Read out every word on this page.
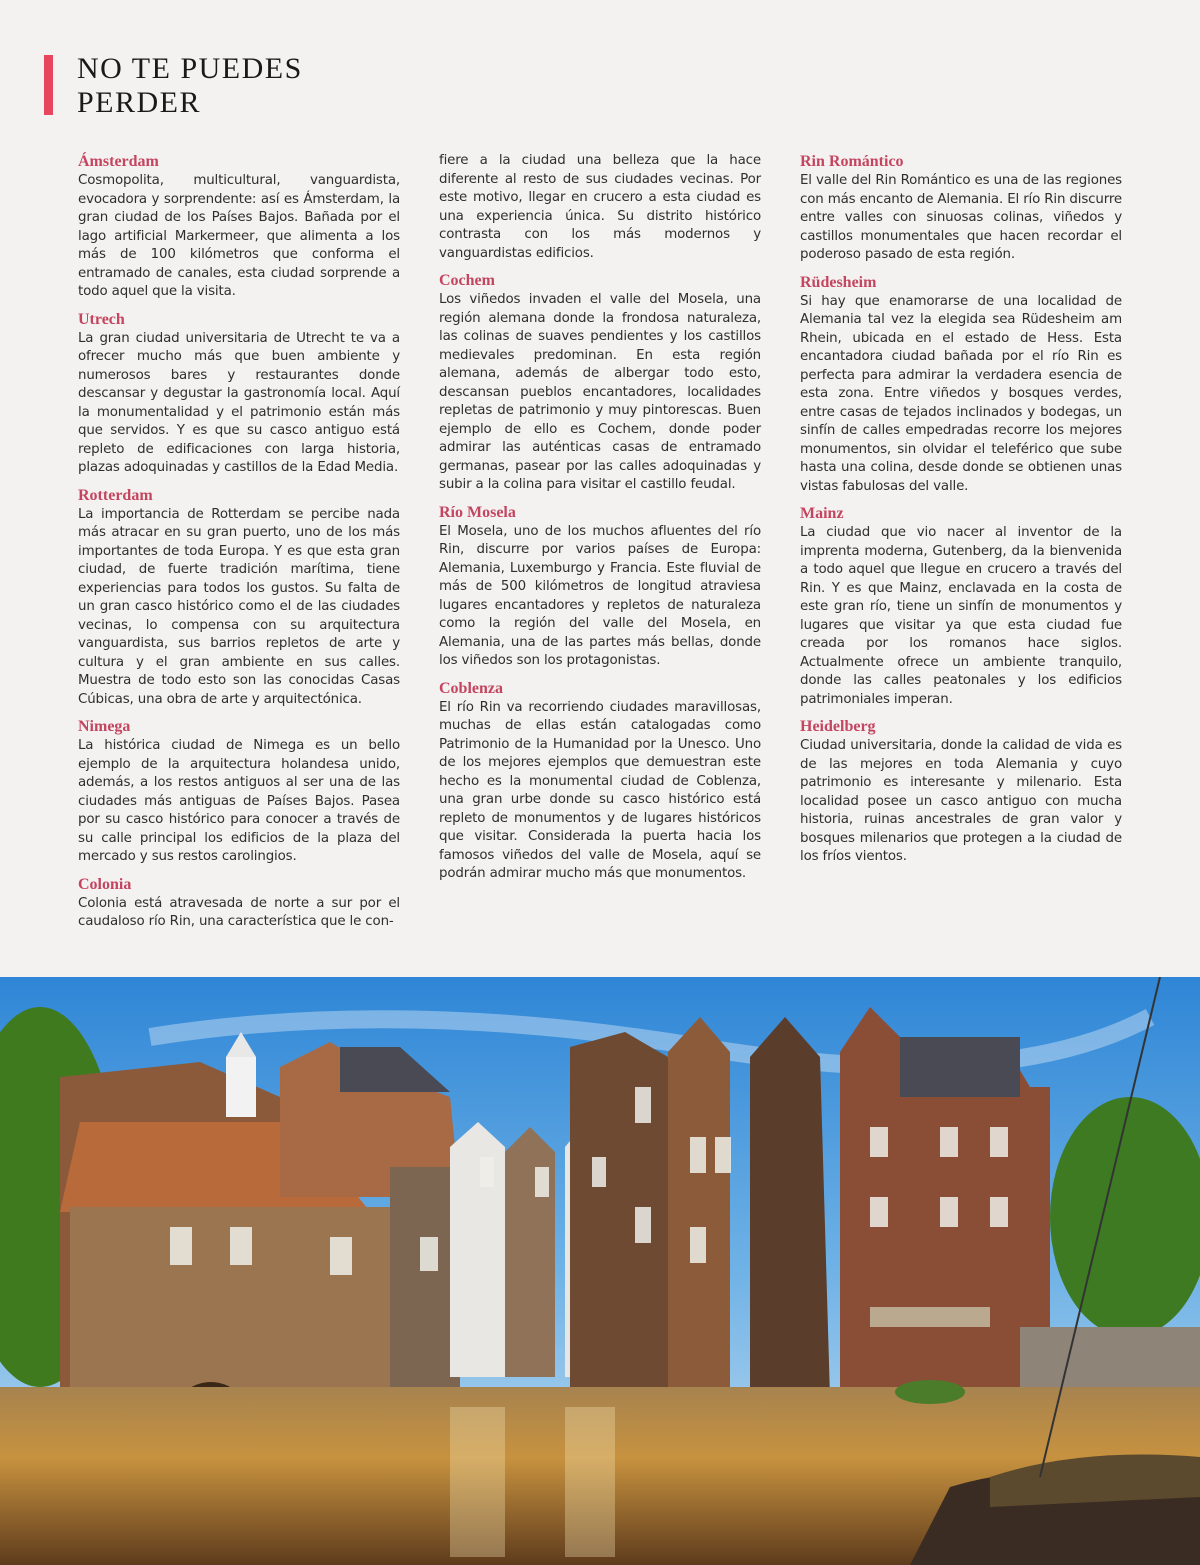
NO TE PUEDES
PERDER
Ámsterdam

Cosmopolita, multicultural, vanguardista, evocadora y sorprendente: así es Ámsterdam, la gran ciudad de los Países Bajos. Bañada por el lago artificial Markermeer, que alimenta a los más de 100 kilómetros que conforma el entramado de canales, esta ciudad sorprende a todo aquel que la visita.

Utrech

La gran ciudad universitaria de Utrecht te va a ofrecer mucho más que buen ambiente y numerosos bares y restaurantes donde descansar y degustar la gastronomía local. Aquí la monumentalidad y el patrimonio están más que servidos. Y es que su casco antiguo está repleto de edificaciones con larga historia, plazas adoquinadas y castillos de la Edad Media.

Rotterdam

La importancia de Rotterdam se percibe nada más atracar en su gran puerto, uno de los más importantes de toda Europa. Y es que esta gran ciudad, de fuerte tradición marítima, tiene experiencias para todos los gustos. Su falta de un gran casco histórico como el de las ciudades vecinas, lo compensa con su arquitectura vanguardista, sus barrios repletos de arte y cultura y el gran ambiente en sus calles. Muestra de todo esto son las conocidas Casas Cúbicas, una obra de arte y arquitectónica.

Nimega

La histórica ciudad de Nimega es un bello ejemplo de la arquitectura holandesa unido, además, a los restos antiguos al ser una de las ciudades más antiguas de Países Bajos. Pasea por su casco histórico para conocer a través de su calle principal los edificios de la plaza del mercado y sus restos carolingios.

Colonia

Colonia está atravesada de norte a sur por el caudaloso río Rin, una característica que le con-

fiere a la ciudad una belleza que la hace diferente al resto de sus ciudades vecinas. Por este motivo, llegar en crucero a esta ciudad es una experiencia única. Su distrito histórico contrasta con los más modernos y vanguardistas edificios.

Cochem

Los viñedos invaden el valle del Mosela, una región alemana donde la frondosa naturaleza, las colinas de suaves pendientes y los castillos medievales predominan. En esta región alemana, además de albergar todo esto, descansan pueblos encantadores, localidades repletas de patrimonio y muy pintorescas. Buen ejemplo de ello es Cochem, donde poder admirar las auténticas casas de entramado germanas, pasear por las calles adoquinadas y subir a la colina para visitar el castillo feudal.

Río Mosela

El Mosela, uno de los muchos afluentes del río Rin, discurre por varios países de Europa: Alemania, Luxemburgo y Francia. Este fluvial de más de 500 kilómetros de longitud atraviesa lugares encantadores y repletos de naturaleza como la región del valle del Mosela, en Alemania, una de las partes más bellas, donde los viñedos son los protagonistas.

Coblenza

El río Rin va recorriendo ciudades maravillosas, muchas de ellas están catalogadas como Patrimonio de la Humanidad por la Unesco. Uno de los mejores ejemplos que demuestran este hecho es la monumental ciudad de Coblenza, una gran urbe donde su casco histórico está repleto de monumentos y de lugares históricos que visitar. Considerada la puerta hacia los famosos viñedos del valle de Mosela, aquí se podrán admirar mucho más que monumentos.

Rin Romántico

El valle del Rin Romántico es una de las regiones con más encanto de Alemania. El río Rin discurre entre valles con sinuosas colinas, viñedos y castillos monumentales que hacen recordar el poderoso pasado de esta región.

Rüdesheim

Si hay que enamorarse de una localidad de Alemania tal vez la elegida sea Rüdesheim am Rhein, ubicada en el estado de Hess. Esta encantadora ciudad bañada por el río Rin es perfecta para admirar la verdadera esencia de esta zona. Entre viñedos y bosques verdes, entre casas de tejados inclinados y bodegas, un sinfín de calles empedradas recorre los mejores monumentos, sin olvidar el teleférico que sube hasta una colina, desde donde se obtienen unas vistas fabulosas del valle.

Mainz

La ciudad que vio nacer al inventor de la imprenta moderna, Gutenberg, da la bienvenida a todo aquel que llegue en crucero a través del Rin. Y es que Mainz, enclavada en la costa de este gran río, tiene un sinfín de monumentos y lugares que visitar ya que esta ciudad fue creada por los romanos hace siglos. Actualmente ofrece un ambiente tranquilo, donde las calles peatonales y los edificios patrimoniales imperan.

Heidelberg

Ciudad universitaria, donde la calidad de vida es de las mejores en toda Alemania y cuyo patrimonio es interesante y milenario. Esta localidad posee un casco antiguo con mucha historia, ruinas ancestrales de gran valor y bosques milenarios que protegen a la ciudad de los fríos vientos.
